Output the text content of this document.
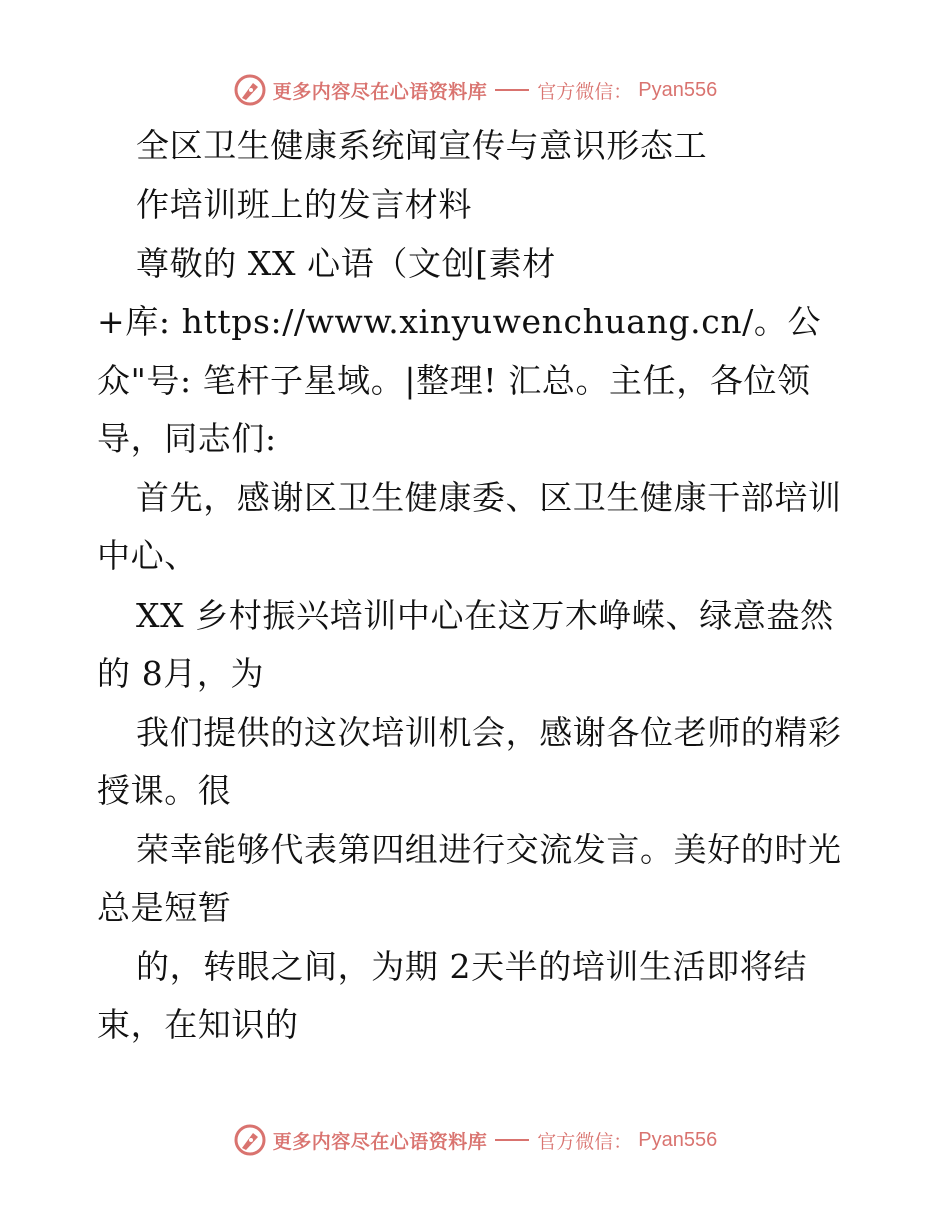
更多内容尽在心语资料库	官方微信： Pyan556
全区卫生健康系统闻宣传与意识形态工
作培训班上的发言材料
尊敬的 XX 心语（文创[素材
+库: https://www.xinyuwenchuang.cn/。公
众"号: 笔杆子星域。|整理! 汇总。主任，各位领
导，同志们:
首先，感谢区卫生健康委、区卫生健康干部培训
中心、
XX 乡村振兴培训中心在这万木峥嵘、绿意盎然
的 8月，为
我们提供的这次培训机会，感谢各位老师的精彩
授课。很
荣幸能够代表第四组进行交流发言。美好的时光
总是短暂
的，转眼之间，为期 2天半的培训生活即将结
束，在知识的
更多内容尽在心语资料库	官方微信： Pyan556
